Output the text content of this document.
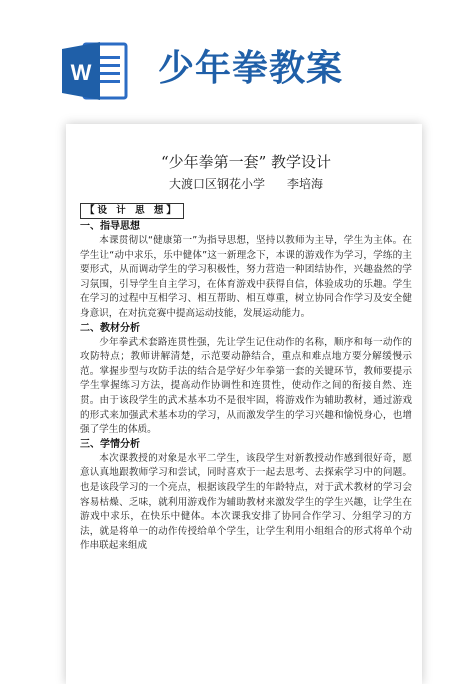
W 少年拳教案

“少年拳第一套” 教学设计

大渡口区钢花小学 李培海

【设 计 思 想】

一、指导思想

本课贯彻以“健康第一”为指导思想，坚持以教师为主导，学生为主体。在学生让“动中求乐，乐中健体”这一新理念下，本课的游戏作为学习，学练的主要形式，从而调动学生的学习积极性，努力营造一种团结协作，兴趣盎然的学习氛围，引导学生自主学习，在体育游戏中获得自信，体验成功的乐趣。学生在学习的过程中互相学习、相互帮助、相互尊重，树立协同合作学习及安全健身意识，在对抗竞赛中提高运动技能，发展运动能力。

二、教材分析

少年拳武术套路连贯性强，先让学生记住动作的名称，顺序和每一动作的攻防特点；教师讲解清楚，示范要动静结合，重点和难点地方要分解缓慢示范。掌握步型与攻防手法的结合是学好少年拳第一套的关键环节，教师要提示学生掌握练习方法，提高动作协调性和连贯性，使动作之间的衔接自然、连贯。由于该段学生的武术基本功不是很牢固，将游戏作为辅助教材，通过游戏的形式来加强武术基本功的学习，从而激发学生的学习兴趣和愉悦身心，也增强了学生的体质。

三、学情分析

本次课教授的对象是水平二学生，该段学生对新教授动作感到很好奇，愿意认真地跟教师学习和尝试，同时喜欢于一起去思考、去探索学习中的问题。也是该段学习的一个亮点，根据该段学生的年龄特点，对于武术教材的学习会容易枯燥、乏味，就利用游戏作为辅助教材来激发学生的学生兴趣，让学生在游戏中求乐，在快乐中健体。本次课我安排了协同合作学习、分组学习的方法，就是将单一的动作传授给单个学生，让学生利用小组组合的形式将单个动作串联起来组成
